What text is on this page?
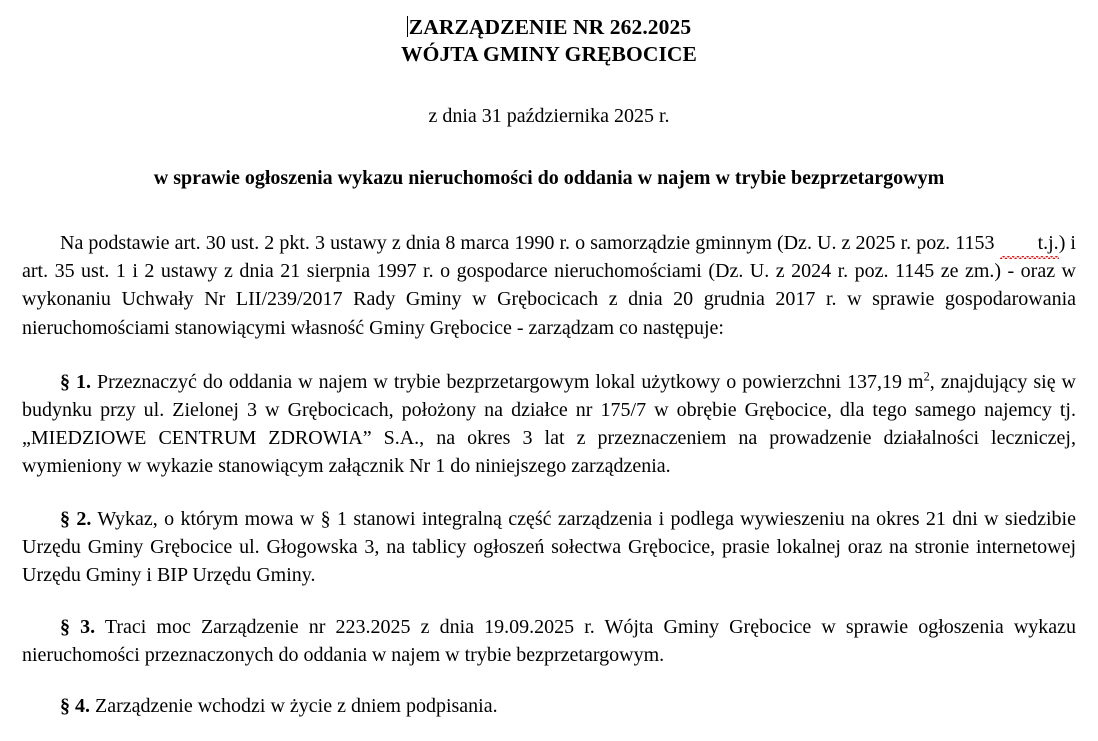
ZARZĄDZENIE NR 262.2025
WÓJTA GMINY GRĘBOCICE
z dnia 31 października 2025 r.
w sprawie ogłoszenia wykazu nieruchomości do oddania w najem w trybie bezprzetargowym

Na podstawie art. 30 ust. 2 pkt. 3 ustawy z dnia 8 marca 1990 r. o samorządzie gminnym (Dz. U. z 2025 r. poz. 1153 t.j.) i art. 35 ust. 1 i 2 ustawy z dnia 21 sierpnia 1997 r. o gospodarce nieruchomościami (Dz. U. z 2024 r. poz. 1145 ze zm.) - oraz w wykonaniu Uchwały Nr LII/239/2017 Rady Gminy w Grębocicach z dnia 20 grudnia 2017 r. w sprawie gospodarowania nieruchomościami stanowiącymi własność Gminy Grębocice - zarządzam co następuje:

§ 1. Przeznaczyć do oddania w najem w trybie bezprzetargowym lokal użytkowy o powierzchni 137,19 $m^2$, znajdujący się w budynku przy ul. Zielonej 3 w Grębocicach, położony na działce nr 175/7 w obrębie Grębocice, dla tego samego najemcy tj. „MIEDZIOWE CENTRUM ZDROWIA” S.A., na okres 3 lat z przeznaczeniem na prowadzenie działalności leczniczej, wymieniony w wykazie stanowiącym załącznik Nr 1 do niniejszego zarządzenia.

§ 2. Wykaz, o którym mowa w § 1 stanowi integralną część zarządzenia i podlega wywieszeniu na okres 21 dni w siedzibie Urzędu Gminy Grębocice ul. Głogowska 3, na tablicy ogłoszeń sołectwa Grębocice, prasie lokalnej oraz na stronie internetowej Urzędu Gminy i BIP Urzędu Gminy.

§ 3. Traci moc Zarządzenie nr 223.2025 z dnia 19.09.2025 r. Wójta Gminy Grębocice w sprawie ogłoszenia wykazu nieruchomości przeznaczonych do oddania w najem w trybie bezprzetargowym.

§ 4. Zarządzenie wchodzi w życie z dniem podpisania.
